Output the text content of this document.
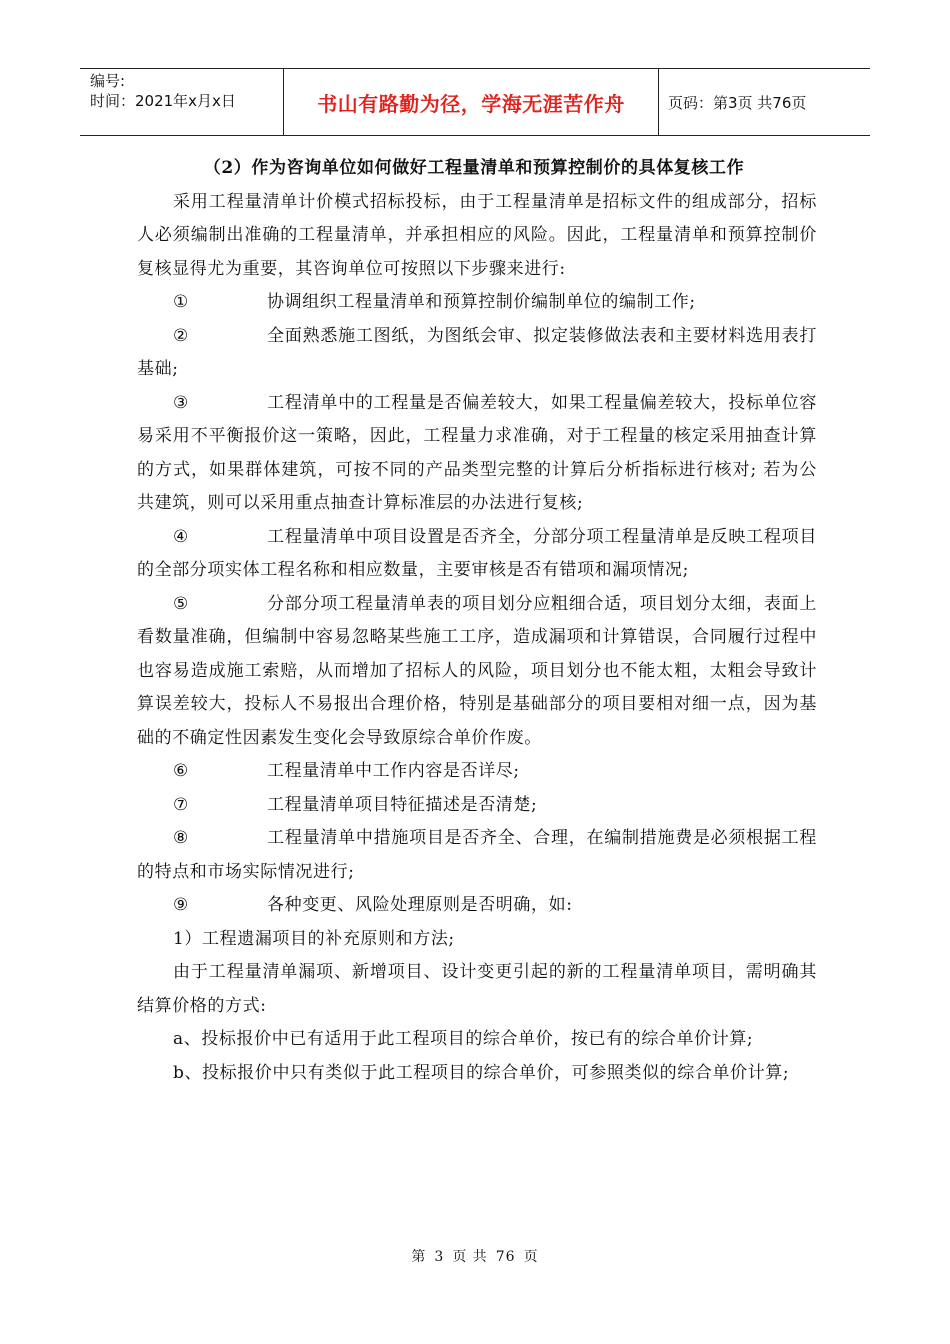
编号:
时间：2021年x月x日	书山有路勤为径，学海无涯苦作舟	页码：第3页 共76页

（2）作为咨询单位如何做好工程量清单和预算控制价的具体复核工作

采用工程量清单计价模式招标投标，由于工程量清单是招标文件的组成部分，招标人必须编制出准确的工程量清单，并承担相应的风险。因此，工程量清单和预算控制价复核显得尤为重要，其咨询单位可按照以下步骤来进行:

①	协调组织工程量清单和预算控制价编制单位的编制工作;

②	全面熟悉施工图纸，为图纸会审、拟定装修做法表和主要材料选用表打基础;

③	工程清单中的工程量是否偏差较大，如果工程量偏差较大，投标单位容易采用不平衡报价这一策略，因此，工程量力求准确，对于工程量的核定采用抽查计算的方式，如果群体建筑，可按不同的产品类型完整的计算后分析指标进行核对; 若为公共建筑，则可以采用重点抽查计算标准层的办法进行复核;

④	工程量清单中项目设置是否齐全，分部分项工程量清单是反映工程项目的全部分项实体工程名称和相应数量，主要审核是否有错项和漏项情况;

⑤	分部分项工程量清单表的项目划分应粗细合适，项目划分太细，表面上看数量准确，但编制中容易忽略某些施工工序，造成漏项和计算错误，合同履行过程中也容易造成施工索赔，从而增加了招标人的风险，项目划分也不能太粗，太粗会导致计算误差较大，投标人不易报出合理价格，特别是基础部分的项目要相对细一点，因为基础的不确定性因素发生变化会导致原综合单价作废。

⑥	工程量清单中工作内容是否详尽;

⑦	工程量清单项目特征描述是否清楚;

⑧	工程量清单中措施项目是否齐全、合理，在编制措施费是必须根据工程的特点和市场实际情况进行;

⑨	各种变更、风险处理原则是否明确，如:

1）工程遗漏项目的补充原则和方法;

由于工程量清单漏项、新增项目、设计变更引起的新的工程量清单项目，需明确其结算价格的方式:

a、投标报价中已有适用于此工程项目的综合单价，按已有的综合单价计算;

b、投标报价中只有类似于此工程项目的综合单价，可参照类似的综合单价计算;

第 3 页 共 76 页
